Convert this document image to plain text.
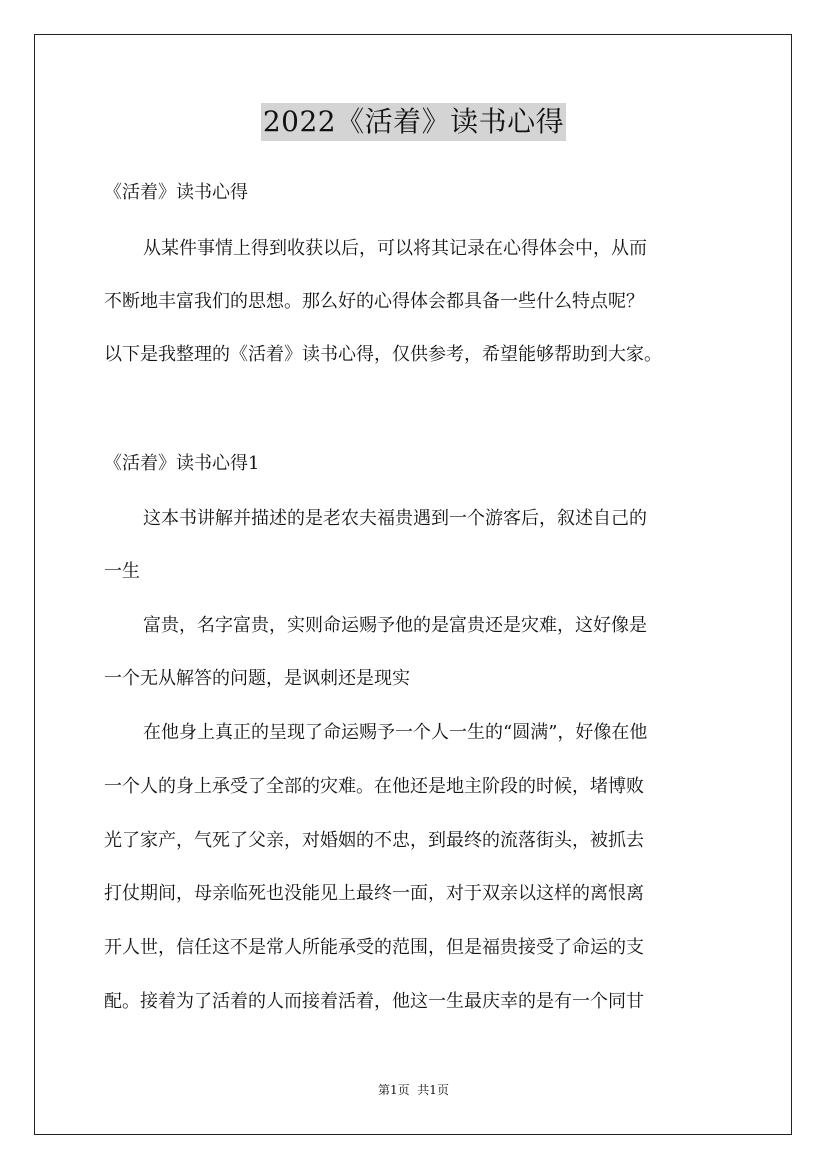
2022《活着》读书心得
《活着》读书心得
从某件事情上得到收获以后，可以将其记录在心得体会中，从而
不断地丰富我们的思想。那么好的心得体会都具备一些什么特点呢？
以下是我整理的《活着》读书心得，仅供参考，希望能够帮助到大家。
《活着》读书心得1
这本书讲解并描述的是老农夫福贵遇到一个游客后，叙述自己的
一生
富贵，名字富贵，实则命运赐予他的是富贵还是灾难，这好像是
一个无从解答的问题，是讽刺还是现实
在他身上真正的呈现了命运赐予一个人一生的“圆满”，好像在他
一个人的身上承受了全部的灾难。在他还是地主阶段的时候，堵博败
光了家产，气死了父亲，对婚姻的不忠，到最终的流落街头，被抓去
打仗期间，母亲临死也没能见上最终一面，对于双亲以这样的离恨离
开人世，信任这不是常人所能承受的范围，但是福贵接受了命运的支
配。接着为了活着的人而接着活着，他这一生最庆幸的是有一个同甘
第1页  共1页
